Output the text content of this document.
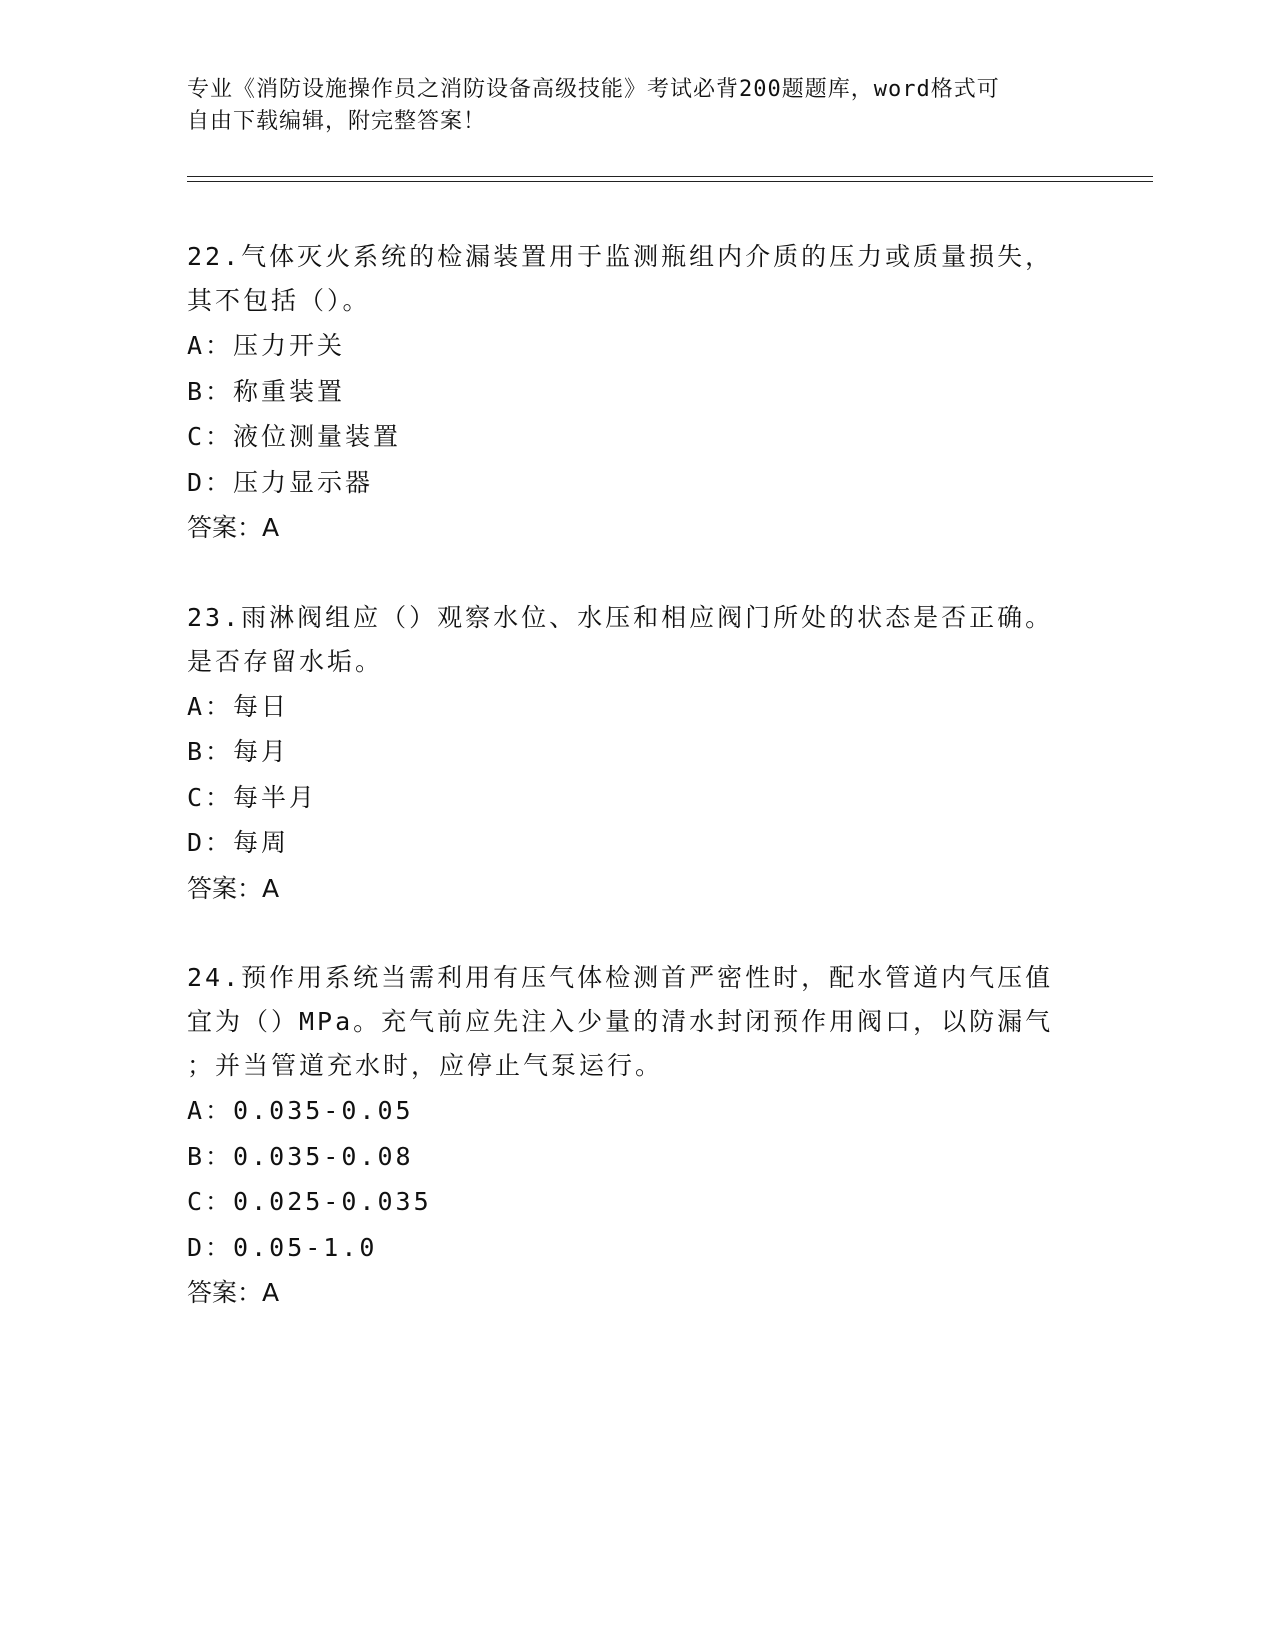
专业《消防设施操作员之消防设备高级技能》考试必背200题题库，word格式可
自由下载编辑，附完整答案！
22.气体灭火系统的检漏装置用于监测瓶组内介质的压力或质量损失，
其不包括（）。
A：压力开关
B：称重装置
C：液位测量装置
D：压力显示器
答案：A
23.雨淋阀组应（）观察水位、水压和相应阀门所处的状态是否正确。
是否存留水垢。
A：每日
B：每月
C：每半月
D：每周
答案：A
24.预作用系统当需利用有压气体检测首严密性时，配水管道内气压值
宜为（）MPa。充气前应先注入少量的清水封闭预作用阀口，以防漏气
；并当管道充水时，应停止气泵运行。
A：0.035-0.05
B：0.035-0.08
C：0.025-0.035
D：0.05-1.0
答案：A
